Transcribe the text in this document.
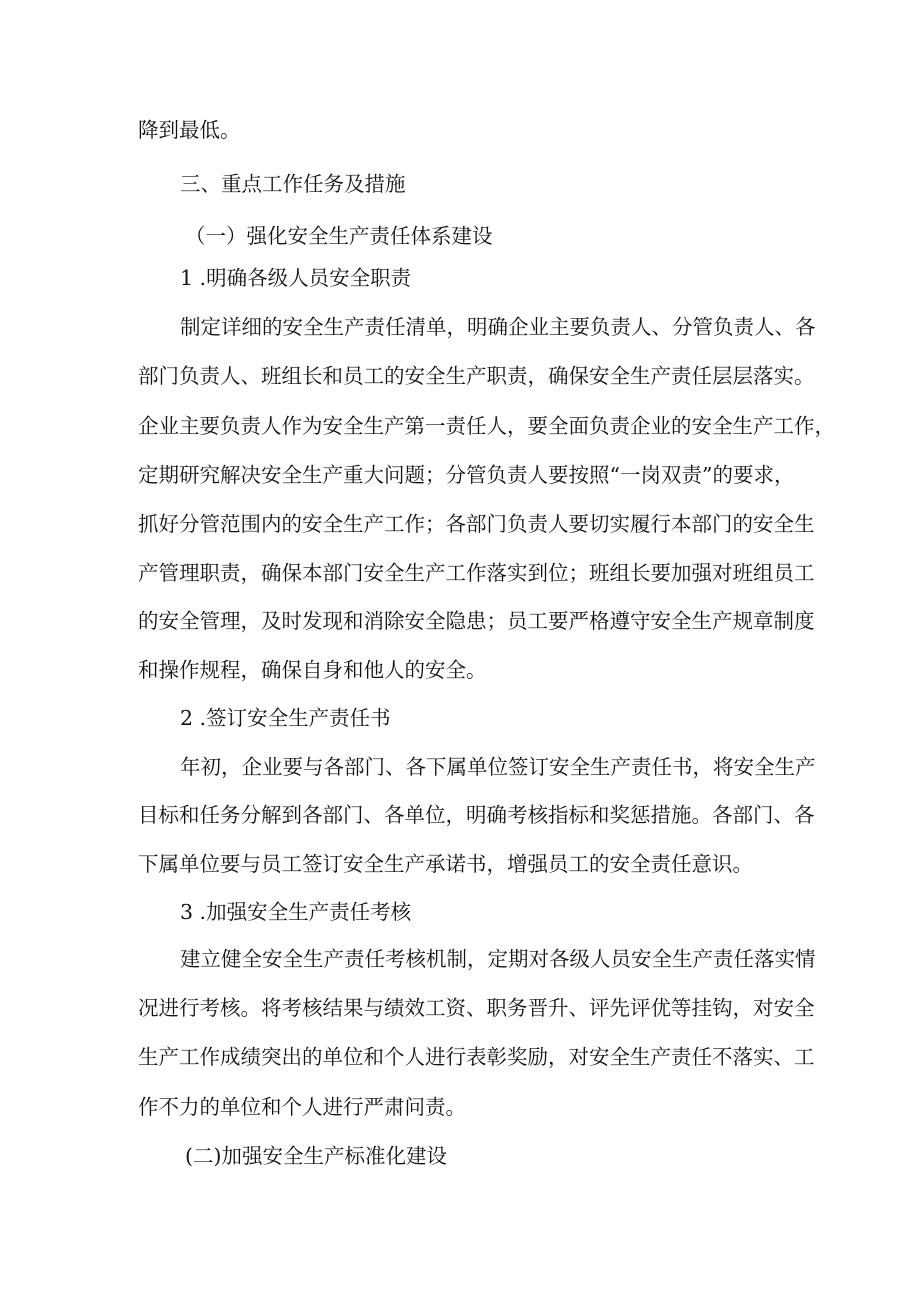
降到最低。
三、重点工作任务及措施
（一）强化安全生产责任体系建设
1 .明确各级人员安全职责
制定详细的安全生产责任清单，明确企业主要负责人、分管负责人、各
部门负责人、班组长和员工的安全生产职责，确保安全生产责任层层落实。
企业主要负责人作为安全生产第一责任人，要全面负责企业的安全生产工作，
定期研究解决安全生产重大问题；分管负责人要按照“一岗双责”的要求，
抓好分管范围内的安全生产工作；各部门负责人要切实履行本部门的安全生
产管理职责，确保本部门安全生产工作落实到位；班组长要加强对班组员工
的安全管理，及时发现和消除安全隐患；员工要严格遵守安全生产规章制度
和操作规程，确保自身和他人的安全。
2 .签订安全生产责任书
年初，企业要与各部门、各下属单位签订安全生产责任书，将安全生产
目标和任务分解到各部门、各单位，明确考核指标和奖惩措施。各部门、各
下属单位要与员工签订安全生产承诺书，增强员工的安全责任意识。
3 .加强安全生产责任考核
建立健全安全生产责任考核机制，定期对各级人员安全生产责任落实情
况进行考核。将考核结果与绩效工资、职务晋升、评先评优等挂钩，对安全
生产工作成绩突出的单位和个人进行表彰奖励，对安全生产责任不落实、工
作不力的单位和个人进行严肃问责。
(二)加强安全生产标准化建设
